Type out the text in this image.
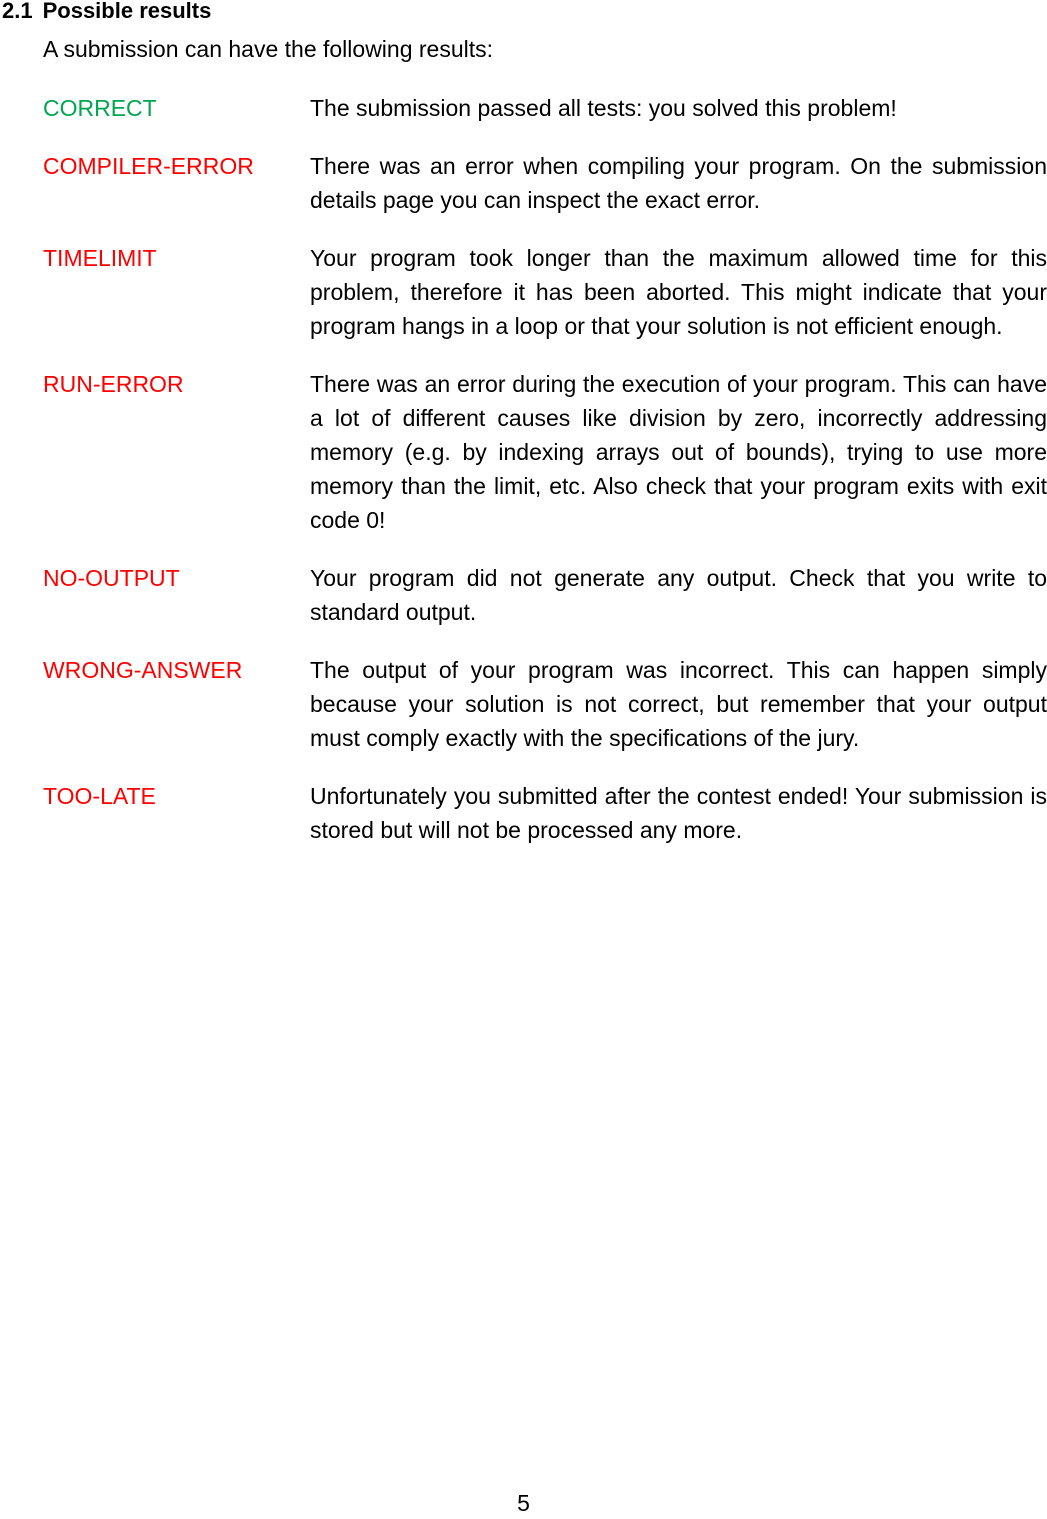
2.1 Possible results
A submission can have the following results:
CORRECT	The submission passed all tests: you solved this problem!
COMPILER-ERROR	There was an error when compiling your program. On the submission details page you can inspect the exact error.
TIMELIMIT	Your program took longer than the maximum allowed time for this problem, therefore it has been aborted. This might indicate that your program hangs in a loop or that your solution is not efficient enough.
RUN-ERROR	There was an error during the execution of your program. This can have a lot of different causes like division by zero, incorrectly addressing memory (e.g. by indexing arrays out of bounds), trying to use more memory than the limit, etc. Also check that your program exits with exit code 0!
NO-OUTPUT	Your program did not generate any output. Check that you write to standard output.
WRONG-ANSWER	The output of your program was incorrect. This can happen simply because your solution is not correct, but remember that your output must comply exactly with the specifications of the jury.
TOO-LATE	Unfortunately you submitted after the contest ended! Your submission is stored but will not be processed any more.
5
